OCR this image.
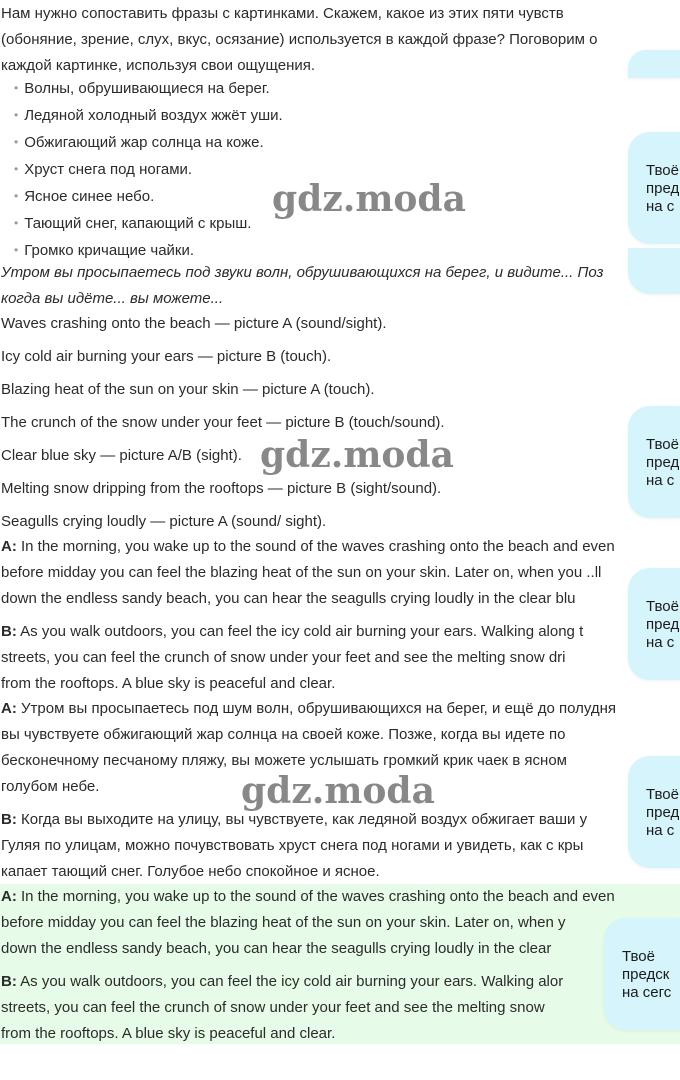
Нам нужно сопоставить фразы с картинками. Скажем, какое из этих пяти чувств
(обоняние, зрение, слух, вкус, осязание) используется в каждой фразе? Поговорим о
каждой картинке, используя свои ощущения.
• Волны, обрушивающиеся на берег.
• Ледяной холодный воздух жжёт уши.
• Обжигающий жар солнца на коже.
• Хруст снега под ногами.
• Ясное синее небо.
• Тающий снег, капающий с крыш.
• Громко кричащие чайки.
Утром вы просыпаетесь под звуки волн, обрушивающихся на берег, и видите... Поз
когда вы идёте... вы можете...
Waves crashing onto the beach — picture A (sound/sight).
Icy cold air burning your ears — picture B (touch).
Blazing heat of the sun on your skin — picture A (touch).
The crunch of the snow under your feet — picture B (touch/sound).
Clear blue sky — picture A/B (sight).
Melting snow dripping from the rooftops — picture B (sight/sound).
Seagulls crying loudly — picture A (sound/ sight).
A: In the morning, you wake up to the sound of the waves crashing onto the beach and even
before midday you can feel the blazing heat of the sun on your skin. Later on, when you ..ll
down the endless sandy beach, you can hear the seagulls crying loudly in the clear blu
B: As you walk outdoors, you can feel the icy cold air burning your ears. Walking along t
streets, you can feel the crunch of snow under your feet and see the melting snow dri
from the rooftops. A blue sky is peaceful and clear.
A: Утром вы просыпаетесь под шум волн, обрушивающихся на берег, и ещё до полудня
вы чувствуете обжигающий жар солнца на своей коже. Позже, когда вы идете по
бесконечному песчаному пляжу, вы можете услышать громкий крик чаек в ясном
голубом небе.
B: Когда вы выходите на улицу, вы чувствуете, как ледяной воздух обжигает ваши у
Гуляя по улицам, можно почувствовать хруст снега под ногами и увидеть, как с кры
капает тающий снег. Голубое небо спокойное и ясное.
A: In the morning, you wake up to the sound of the waves crashing onto the beach and even
before midday you can feel the blazing heat of the sun on your skin. Later on, when y
down the endless sandy beach, you can hear the seagulls crying loudly in the clear
B: As you walk outdoors, you can feel the icy cold air burning your ears. Walking alor
streets, you can feel the crunch of snow under your feet and see the melting snow
from the rooftops. A blue sky is peaceful and clear.
gdz.moda
gdz.moda
gdz.moda
Твоё
пред
на с
Твоё
пред
на с
Твоё
пред
на с
Твоё
пред
на с
Твоё
предск
на сегс
